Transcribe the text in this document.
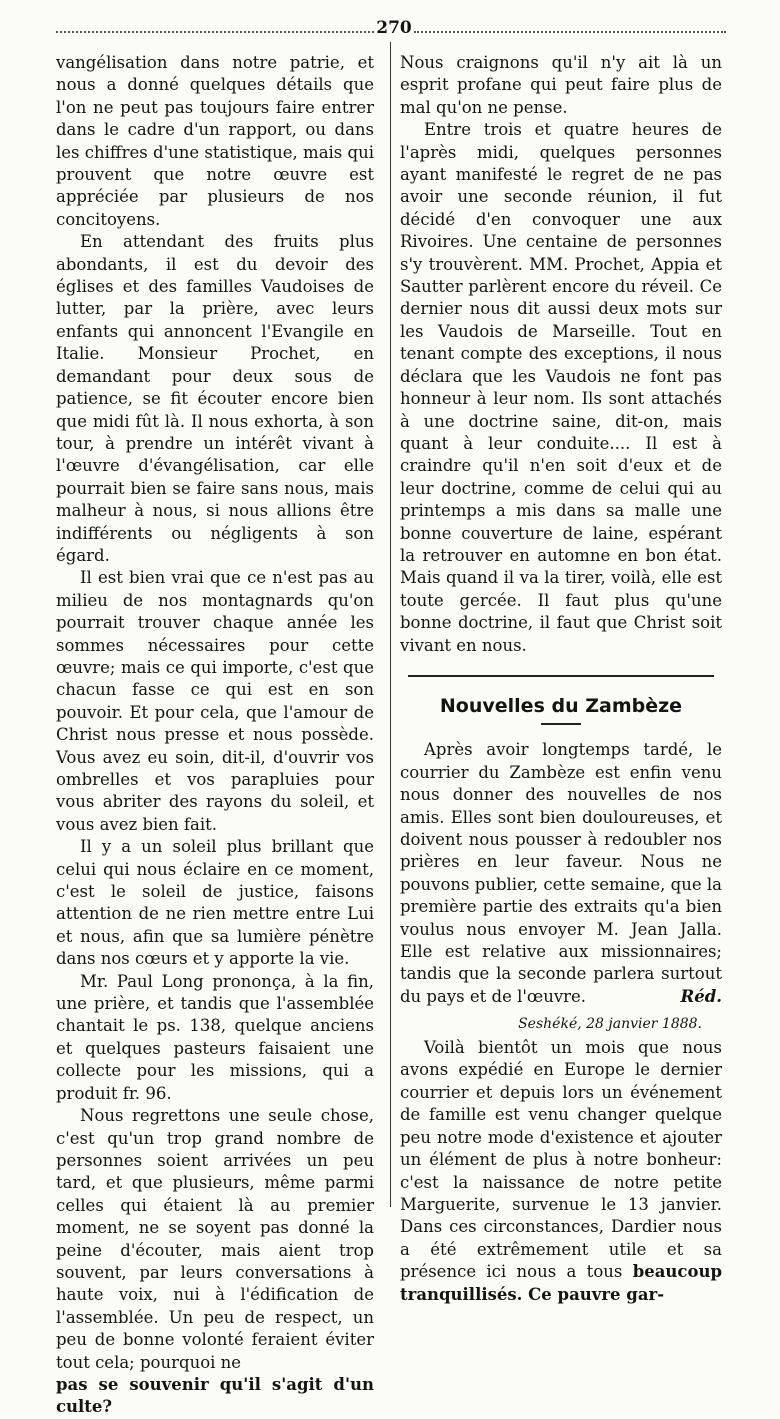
270

vangélisation dans notre patrie, et nous a donné quelques détails que l'on ne peut pas toujours faire entrer dans le cadre d'un rapport, ou dans les chiffres d'une statistique, mais qui prouvent que notre œuvre est appréciée par plusieurs de nos concitoyens.

En attendant des fruits plus abondants, il est du devoir des églises et des familles Vaudoises de lutter, par la prière, avec leurs enfants qui annoncent l'Evangile en Italie. Monsieur Prochet, en demandant pour deux sous de patience, se fit écouter encore bien que midi fût là. Il nous exhorta, à son tour, à prendre un intérêt vivant à l'œuvre d'évangélisation, car elle pourrait bien se faire sans nous, mais malheur à nous, si nous allions être indifférents ou négligents à son égard.

Il est bien vrai que ce n'est pas au milieu de nos montagnards qu'on pourrait trouver chaque année les sommes nécessaires pour cette œuvre; mais ce qui importe, c'est que chacun fasse ce qui est en son pouvoir. Et pour cela, que l'amour de Christ nous presse et nous possède. Vous avez eu soin, dit-il, d'ouvrir vos ombrelles et vos parapluies pour vous abriter des rayons du soleil, et vous avez bien fait.

Il y a un soleil plus brillant que celui qui nous éclaire en ce moment, c'est le soleil de justice, faisons attention de ne rien mettre entre Lui et nous, afin que sa lumière pénètre dans nos cœurs et y apporte la vie.

Mr. Paul Long prononça, à la fin, une prière, et tandis que l'assemblée chantait le ps. 138, quelque anciens et quelques pasteurs faisaient une collecte pour les missions, qui a produit fr. 96.

Nous regrettons une seule chose, c'est qu'un trop grand nombre de personnes soient arrivées un peu tard, et que plusieurs, même parmi celles qui étaient là au premier moment, ne se soyent pas donné la peine d'écouter, mais aient trop souvent, par leurs conversations à haute voix, nui à l'édification de l'assemblée. Un peu de respect, un peu de bonne volonté feraient éviter tout cela; pourquoi ne

pas se souvenir qu'il s'agit d'un culte?

Nous craignons qu'il n'y ait là un esprit profane qui peut faire plus de mal qu'on ne pense.

Entre trois et quatre heures de l'après midi, quelques personnes ayant manifesté le regret de ne pas avoir une seconde réunion, il fut décidé d'en convoquer une aux Rivoires. Une centaine de personnes s'y trouvèrent. MM. Prochet, Appia et Sautter parlèrent encore du réveil. Ce dernier nous dit aussi deux mots sur les Vaudois de Marseille. Tout en tenant compte des exceptions, il nous déclara que les Vaudois ne font pas honneur à leur nom. Ils sont attachés à une doctrine saine, dit-on, mais quant à leur conduite.... Il est à craindre qu'il n'en soit d'eux et de leur doctrine, comme de celui qui au printemps a mis dans sa malle une bonne couverture de laine, espérant la retrouver en automne en bon état. Mais quand il va la tirer, voilà, elle est toute gercée. Il faut plus qu'une bonne doctrine, il faut que Christ soit vivant en nous.

Nouvelles du Zambèze

Après avoir longtemps tardé, le courrier du Zambèze est enfin venu nous donner des nouvelles de nos amis. Elles sont bien douloureuses, et doivent nous pousser à redoubler nos prières en leur faveur. Nous ne pouvons publier, cette semaine, que la première partie des extraits qu'a bien voulus nous envoyer M. Jean Jalla. Elle est relative aux missionnaires; tandis que la seconde parlera surtout du pays et de l'œuvre.	Réd.
Seshéké, 28 janvier 1888.

Voilà bientôt un mois que nous avons expédié en Europe le dernier courrier et depuis lors un événement de famille est venu changer quelque peu notre mode d'existence et ajouter un élément de plus à notre bonheur: c'est la naissance de notre petite Marguerite, survenue le 13 janvier. Dans ces circonstances, Dardier nous a été extrêmement utile et sa présence ici nous a tous beaucoup tranquillisés. Ce pauvre gar-
